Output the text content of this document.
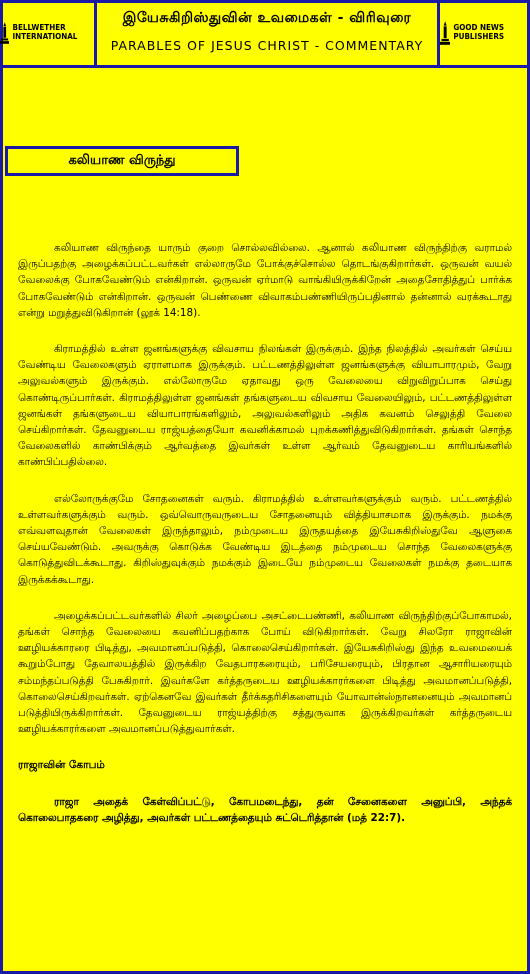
BELLWETHER INTERNATIONAL
இயேசுகிறிஸ்துவின் உவமைகள் - விரிவுரை
PARABLES OF JESUS CHRIST - COMMENTARY
GOOD NEWS PUBLISHERS
கலியாண விருந்து

கலியாண விருந்தை யாரும் குறை சொல்லவில்லை. ஆனால் கலியாண விருந்திற்கு வராமல் இருப்பதற்கு அழைக்கப்பட்டவர்கள் எல்லாருமே போக்குச்சொல்ல தொடங்குகிறார்கள். ஒருவன் வயல் வேலைக்கு போகவேண்டும் என்கிறான். ஒருவன் ஏர்மாடு வாங்கியிருக்கிறேன் அதைசோதித்துப் பார்க்க போகவேண்டும் என்கிறான். ஒருவன் பெண்ணை விவாகம்பண்ணியிருப்பதினால் தன்னால் வரக்கூடாது என்று மறுத்துவிடுகிறான் (லூக் 14:18).

கிராமத்தில் உள்ள ஜனங்களுக்கு விவசாய நிலங்கள் இருக்கும். இந்த நிலத்தில் அவர்கள் செய்ய வேண்டிய வேலைகளும் ஏராளமாக இருக்கும். பட்டணத்திலுள்ள ஜனங்களுக்கு வியாபாரமும், வேறு அலுவல்களும் இருக்கும். எல்லோருமே ஏதாவது ஒரு வேலையை விறுவிறுப்பாக செய்து கொண்டிருப்பார்கள். கிராமத்திலுள்ள ஜனங்கள் தங்களுடைய விவசாய வேலையிலும், பட்டணத்திலுள்ள ஜனங்கள் தங்களுடைய வியாபாரங்களிலும், அலுவல்களிலும் அதிக கவனம் செலுத்தி வேலை செய்கிறார்கள். தேவனுடைய ராஜ்யத்தையோ கவனிக்காமல் புறக்கணித்துவிடுகிறார்கள். தங்கள் சொந்த வேலைகளில் காண்பிக்கும் ஆர்வத்தை இவர்கள் உள்ள ஆர்வம் தேவனுடைய காரியங்களில் காண்பிப்பதில்லை.

எல்லோருக்குமே சோதனைகள் வரும். கிராமத்தில் உள்ளவர்களுக்கும் வரும். பட்டணத்தில் உள்ளவர்களுக்கும் வரும். ஒவ்வொருவருடைய சோதனையும் வித்தியாசமாக இருக்கும். நமக்கு எவ்வளவுதான் வேலைகள் இருந்தாலும், நம்முடைய இருதயத்தை இயேசுகிறிஸ்துவே ஆளுகை செய்யவேண்டும். அவருக்கு கொடுக்க வேண்டிய இடத்தை நம்முடைய சொந்த வேலைகளுக்கு கொடுத்துவிடக்கூடாது. கிறிஸ்துவுக்கும் நமக்கும் இடையே நம்முடைய வேலைகள் நமக்கு தடையாக இருக்கக்கூடாது.

அழைக்கப்பட்டவர்களில் சிலர் அழைப்பை அசட்டைபண்ணி, கலியாண விருந்திற்குப்போகாமல், தங்கள் சொந்த வேலையை கவனிப்பதற்காக போய் விடுகிறார்கள். வேறு சிலரோ ராஜாவின் ஊழியக்காரரை பிடித்து, அவமானப்படுத்தி, கொலைசெய்கிறார்கள். இயேசுகிறிஸ்து இந்த உவமையைக் கூறும்போது தேவாலயத்தில் இருக்கிற வேதபாரகரையும், பரிசேயரையும், பிரதான ஆசாரியரையும் சம்மந்தப்படுத்தி பேசுகிறார். இவர்களே கர்த்தருடைய ஊழியக்காரர்களை பிடித்து அவமானப்படுத்தி, கொலைசெய்கிறவர்கள். ஏற்கெனவே இவர்கள் தீர்க்கதரிசிகளையும் யோவான்ஸ்நானனையும் அவமானப் படுத்தியிருக்கிறார்கள். தேவனுடைய ராஜ்யத்திற்கு சத்துருவாக இருக்கிறவர்கள் கர்த்தருடைய ஊழியக்காரர்களை அவமானப்படுத்துவார்கள்.

ராஜாவின் கோபம்

ராஜா அதைக் கேள்விப்பட்டு, கோபமடைந்து, தன் சேனைகளை அனுப்பி, அந்தக் கொலைபாதகரை அழித்து, அவர்கள் பட்டணத்தையும் சுட்டெரித்தான் (மத் 22:7).
